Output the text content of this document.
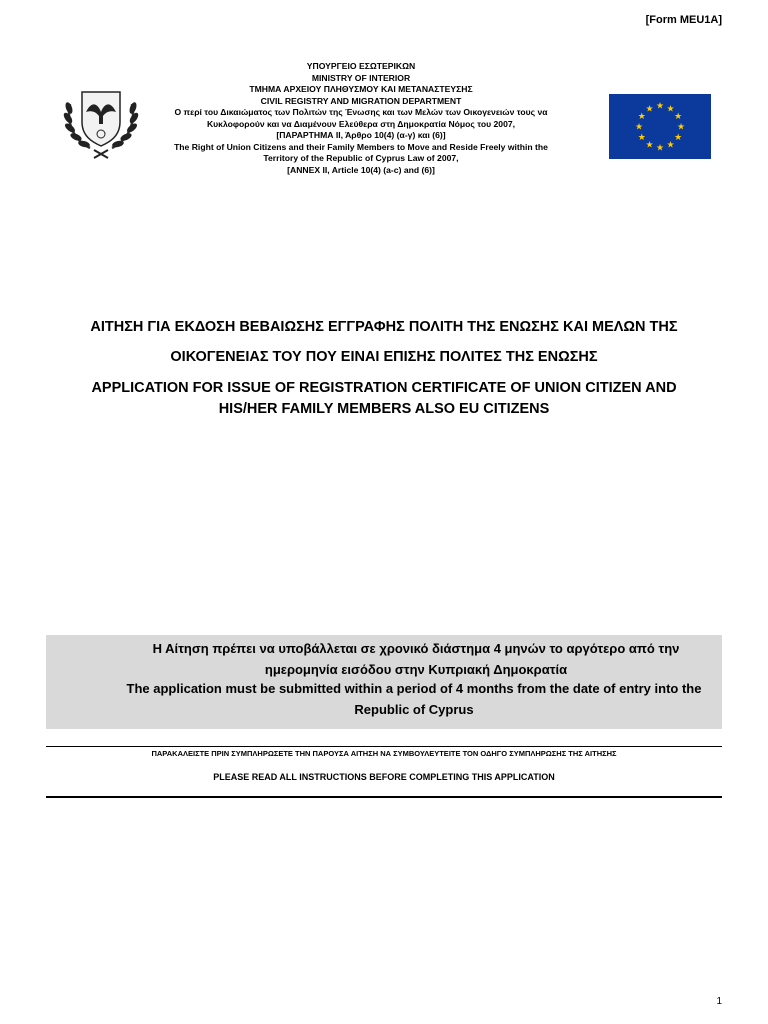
[Form MEU1A]
ΥΠΟΥΡΓΕΙΟ ΕΣΩΤΕΡΙΚΩΝ
MINISTRY OF INTERIOR
ΤΜΗΜΑ ΑΡΧΕΙΟΥ ΠΛΗΘΥΣΜΟΥ ΚΑΙ ΜΕΤΑΝΑΣΤΕΥΣΗΣ
CIVIL REGISTRY AND MIGRATION DEPARTMENT
Ο περί του Δικαιώματος των Πολιτών της Ένωσης και των Μελών των Οικογενειών τους να
Κυκλοφορούν και να Διαμένουν Ελεύθερα στη Δημοκρατία Νόμος του 2007,
[ΠΑΡΑΡΤΗΜΑ ΙΙ, Άρθρο 10(4) (α-γ) και (6)]
The Right of Union Citizens and their Family Members to Move and Reside Freely within the
Territory of the Republic of Cyprus Law of 2007,
[ANNEX II, Article 10(4) (a-c) and (6)]
★ ★
★
★
★
★
★
★
★
★
★
★
ΑΙΤΗΣΗ ΓΙΑ ΕΚΔΟΣΗ ΒΕΒΑΙΩΣΗΣ ΕΓΓΡΑΦΗΣ ΠΟΛΙΤΗ ΤΗΣ ΕΝΩΣΗΣ ΚΑΙ ΜΕΛΩΝ ΤΗΣ
ΟΙΚΟΓΕΝΕΙΑΣ ΤΟΥ ΠΟΥ ΕΙΝΑΙ ΕΠΙΣΗΣ ΠΟΛΙΤΕΣ ΤΗΣ ΕΝΩΣΗΣ
APPLICATION FOR ISSUE OF REGISTRATION CERTIFICATE OF UNION CITIZEN AND
HIS/HER FAMILY MEMBERS ALSO EU CITIZENS
Η Αίτηση πρέπει να υποβάλλεται σε χρονικό διάστημα 4 μηνών το αργότερο από την
ημερομηνία εισόδου στην Κυπριακή Δημοκρατία
The application must be submitted within a period of 4 months from the date of entry into the
Republic of Cyprus
ΠΑΡΑΚΑΛΕΙΣΤΕ ΠΡΙΝ ΣΥΜΠΛΗΡΩΣΕΤΕ ΤΗΝ ΠΑΡΟΥΣΑ ΑΙΤΗΣΗ ΝΑ ΣΥΜΒΟΥΛΕΥΤΕΙΤΕ ΤΟΝ ΟΔΗΓΟ ΣΥΜΠΛΗΡΩΣΗΣ ΤΗΣ ΑΙΤΗΣΗΣ
PLEASE READ ALL INSTRUCTIONS BEFORE COMPLETING THIS APPLICATION
1
